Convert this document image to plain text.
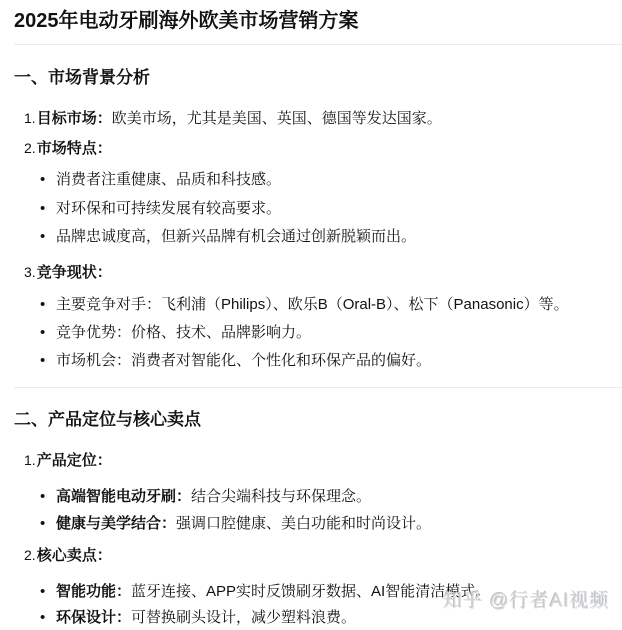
2025年电动牙刷海外欧美市场营销方案
一、市场背景分析
1.目标市场：欧美市场，尤其是美国、英国、德国等发达国家。
2.市场特点：
• 消费者注重健康、品质和科技感。
• 对环保和可持续发展有较高要求。
• 品牌忠诚度高，但新兴品牌有机会通过创新脱颖而出。
3.竞争现状：
• 主要竞争对手：飞利浦（Philips）、欧乐B（Oral-B）、松下（Panasonic）等。
• 竞争优势：价格、技术、品牌影响力。
• 市场机会：消费者对智能化、个性化和环保产品的偏好。
二、产品定位与核心卖点
1.产品定位：
• 高端智能电动牙刷：结合尖端科技与环保理念。
• 健康与美学结合：强调口腔健康、美白功能和时尚设计。
2.核心卖点：
• 智能功能：蓝牙连接、APP实时反馈刷牙数据、AI智能清洁模式。
• 环保设计：可替换刷头设计，减少塑料浪费。
知乎 @行者AI视频
